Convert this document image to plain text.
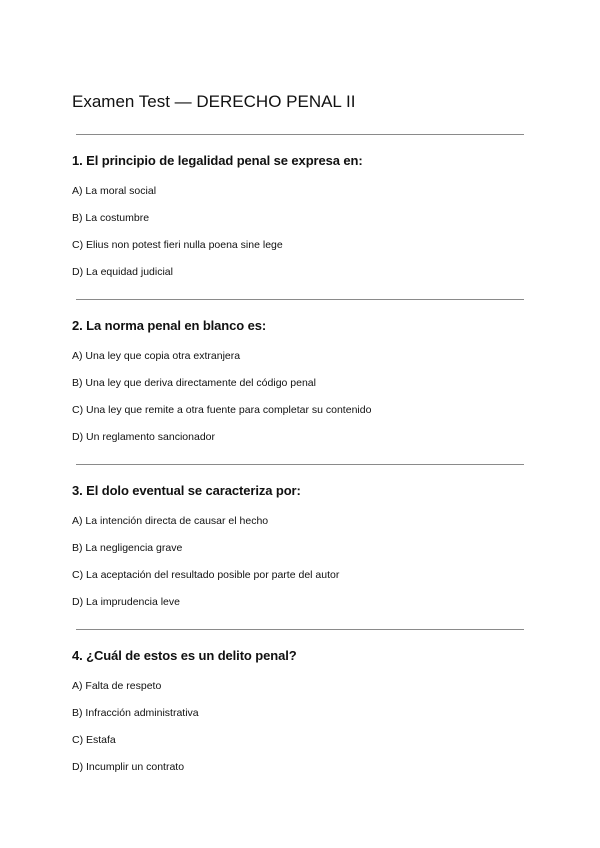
Examen Test — DERECHO PENAL II

1. El principio de legalidad penal se expresa en:

A) La moral social
B) La costumbre
C) Elius non potest fieri nulla poena sine lege
D) La equidad judicial

2. La norma penal en blanco es:

A) Una ley que copia otra extranjera
B) Una ley que deriva directamente del código penal
C) Una ley que remite a otra fuente para completar su contenido
D) Un reglamento sancionador

3. El dolo eventual se caracteriza por:

A) La intención directa de causar el hecho
B) La negligencia grave
C) La aceptación del resultado posible por parte del autor
D) La imprudencia leve

4. ¿Cuál de estos es un delito penal?

A) Falta de respeto
B) Infracción administrativa
C) Estafa
D) Incumplir un contrato
